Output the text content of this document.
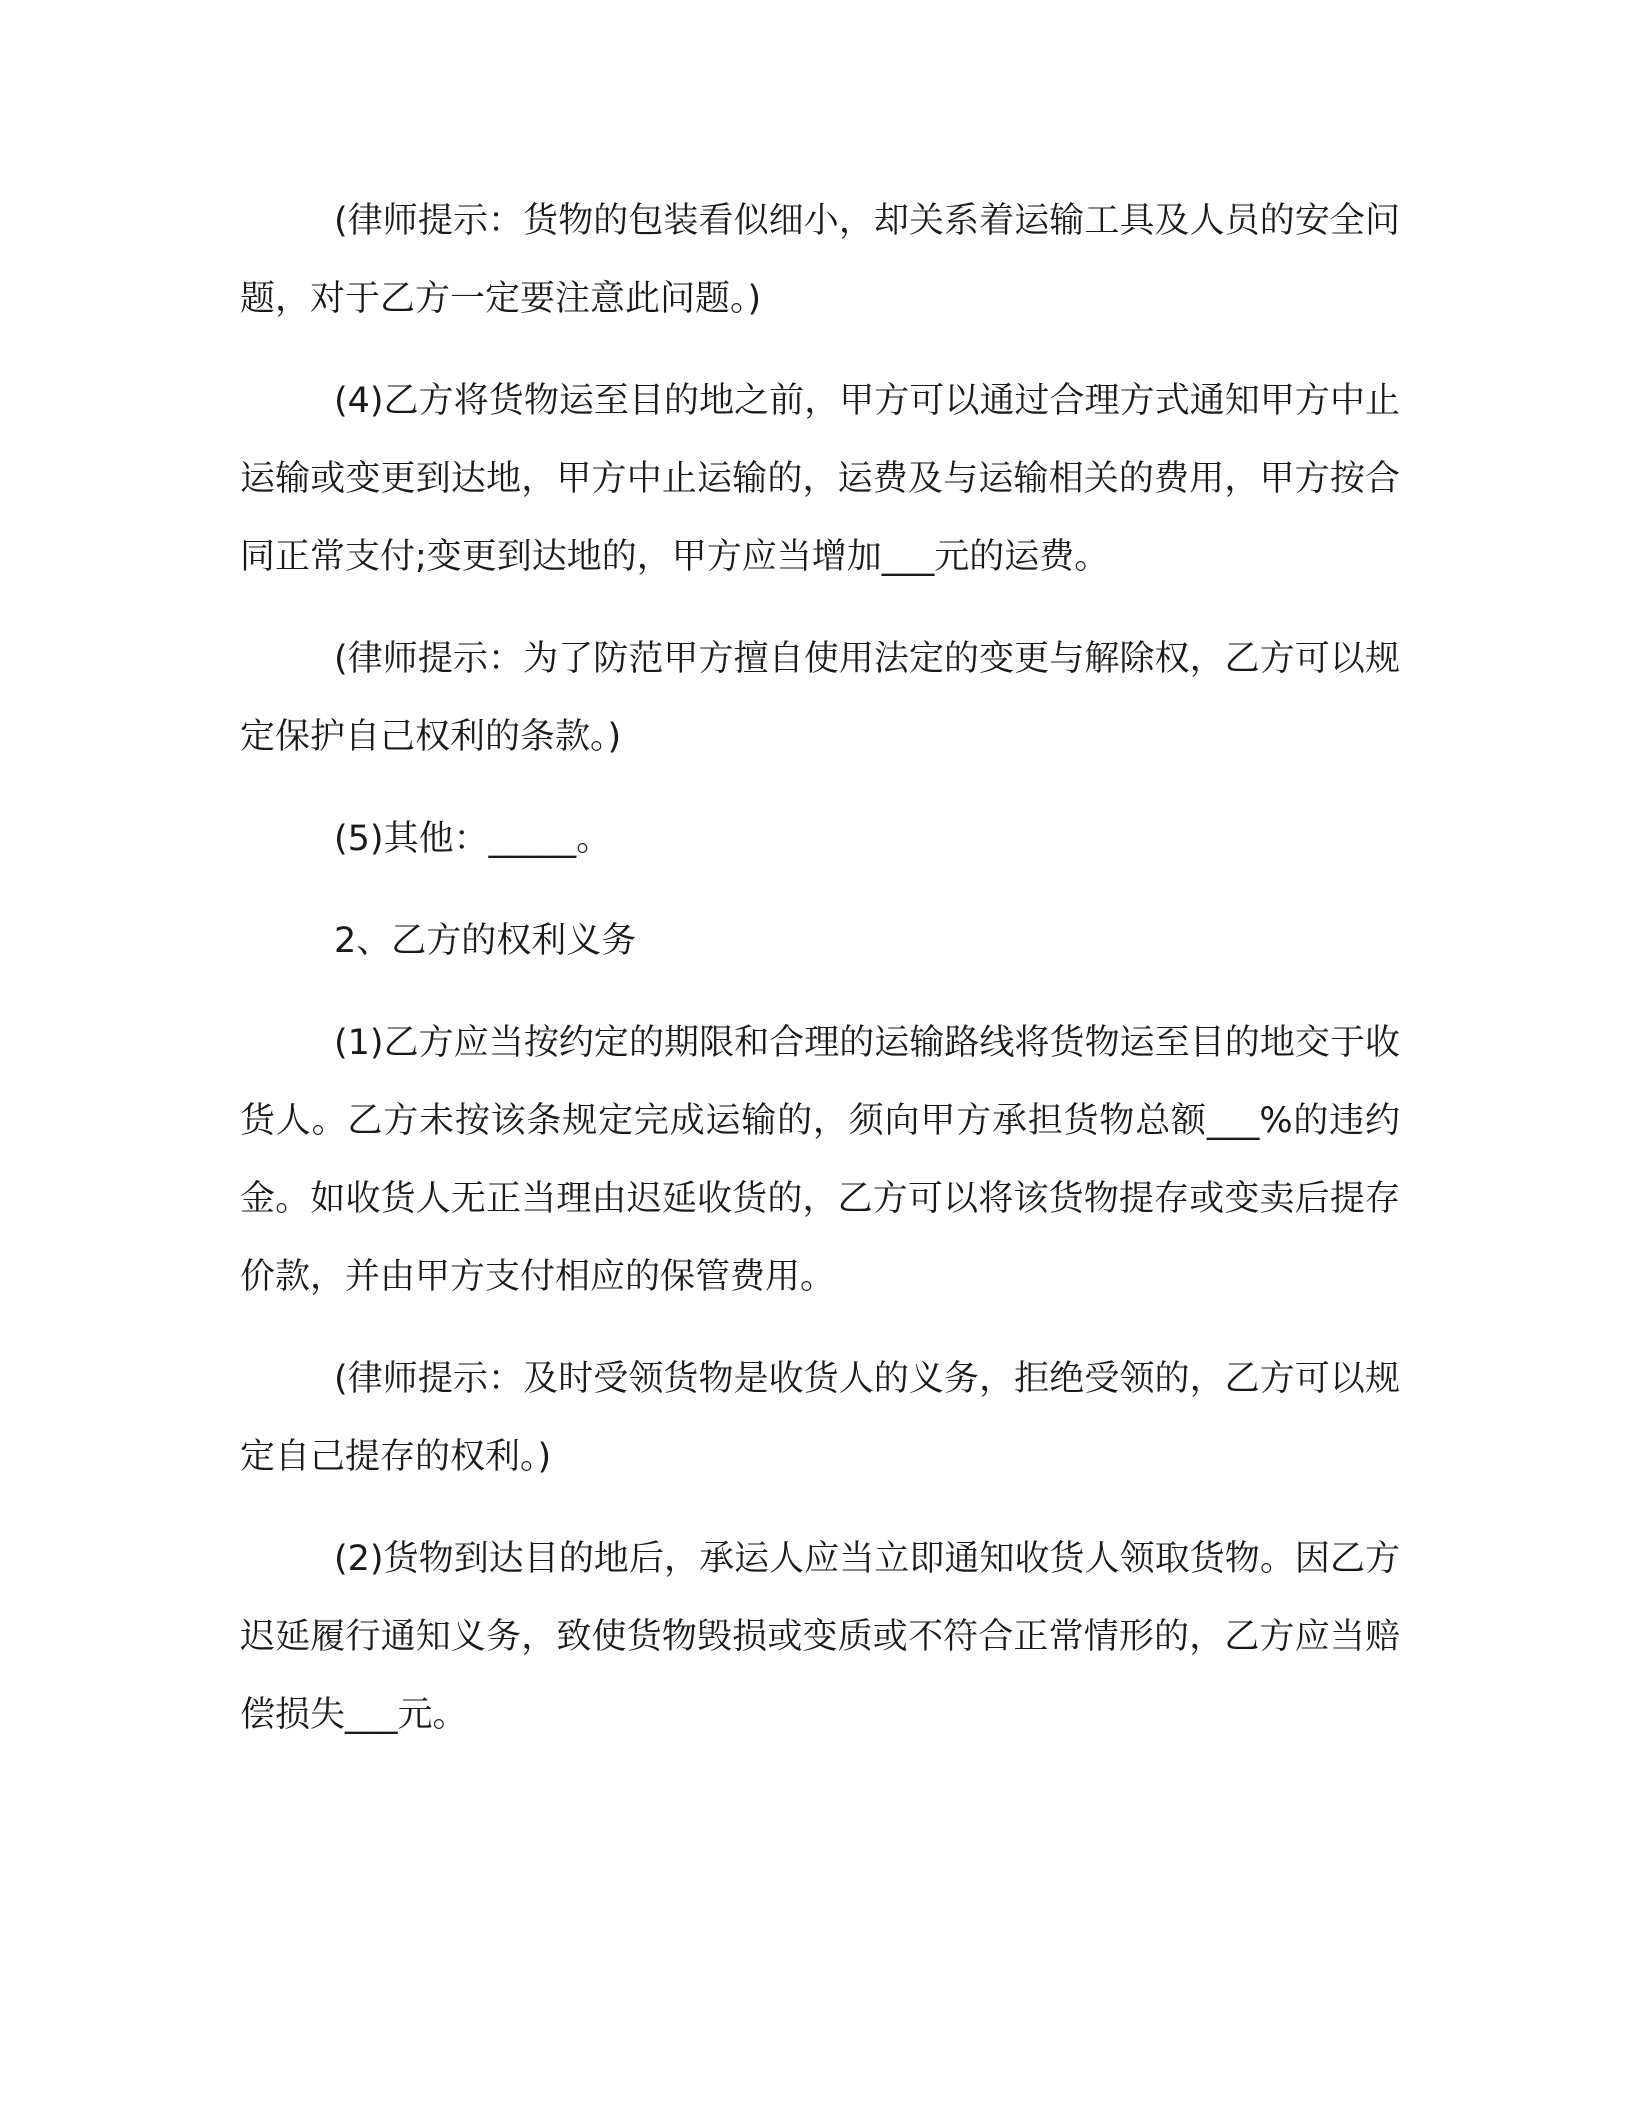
(律师提示：货物的包装看似细小，却关系着运输工具及人员的安全问题，对于乙方一定要注意此问题。)

(4)乙方将货物运至目的地之前，甲方可以通过合理方式通知甲方中止运输或变更到达地，甲方中止运输的，运费及与运输相关的费用，甲方按合同正常支付;变更到达地的，甲方应当增加___元的运费。

(律师提示：为了防范甲方擅自使用法定的变更与解除权，乙方可以规定保护自己权利的条款。)

(5)其他：_____。

2、乙方的权利义务

(1)乙方应当按约定的期限和合理的运输路线将货物运至目的地交于收货人。乙方未按该条规定完成运输的，须向甲方承担货物总额___%的违约金。如收货人无正当理由迟延收货的，乙方可以将该货物提存或变卖后提存价款，并由甲方支付相应的保管费用。

(律师提示：及时受领货物是收货人的义务，拒绝受领的，乙方可以规定自己提存的权利。)

(2)货物到达目的地后，承运人应当立即通知收货人领取货物。因乙方迟延履行通知义务，致使货物毁损或变质或不符合正常情形的，乙方应当赔偿损失___元。
